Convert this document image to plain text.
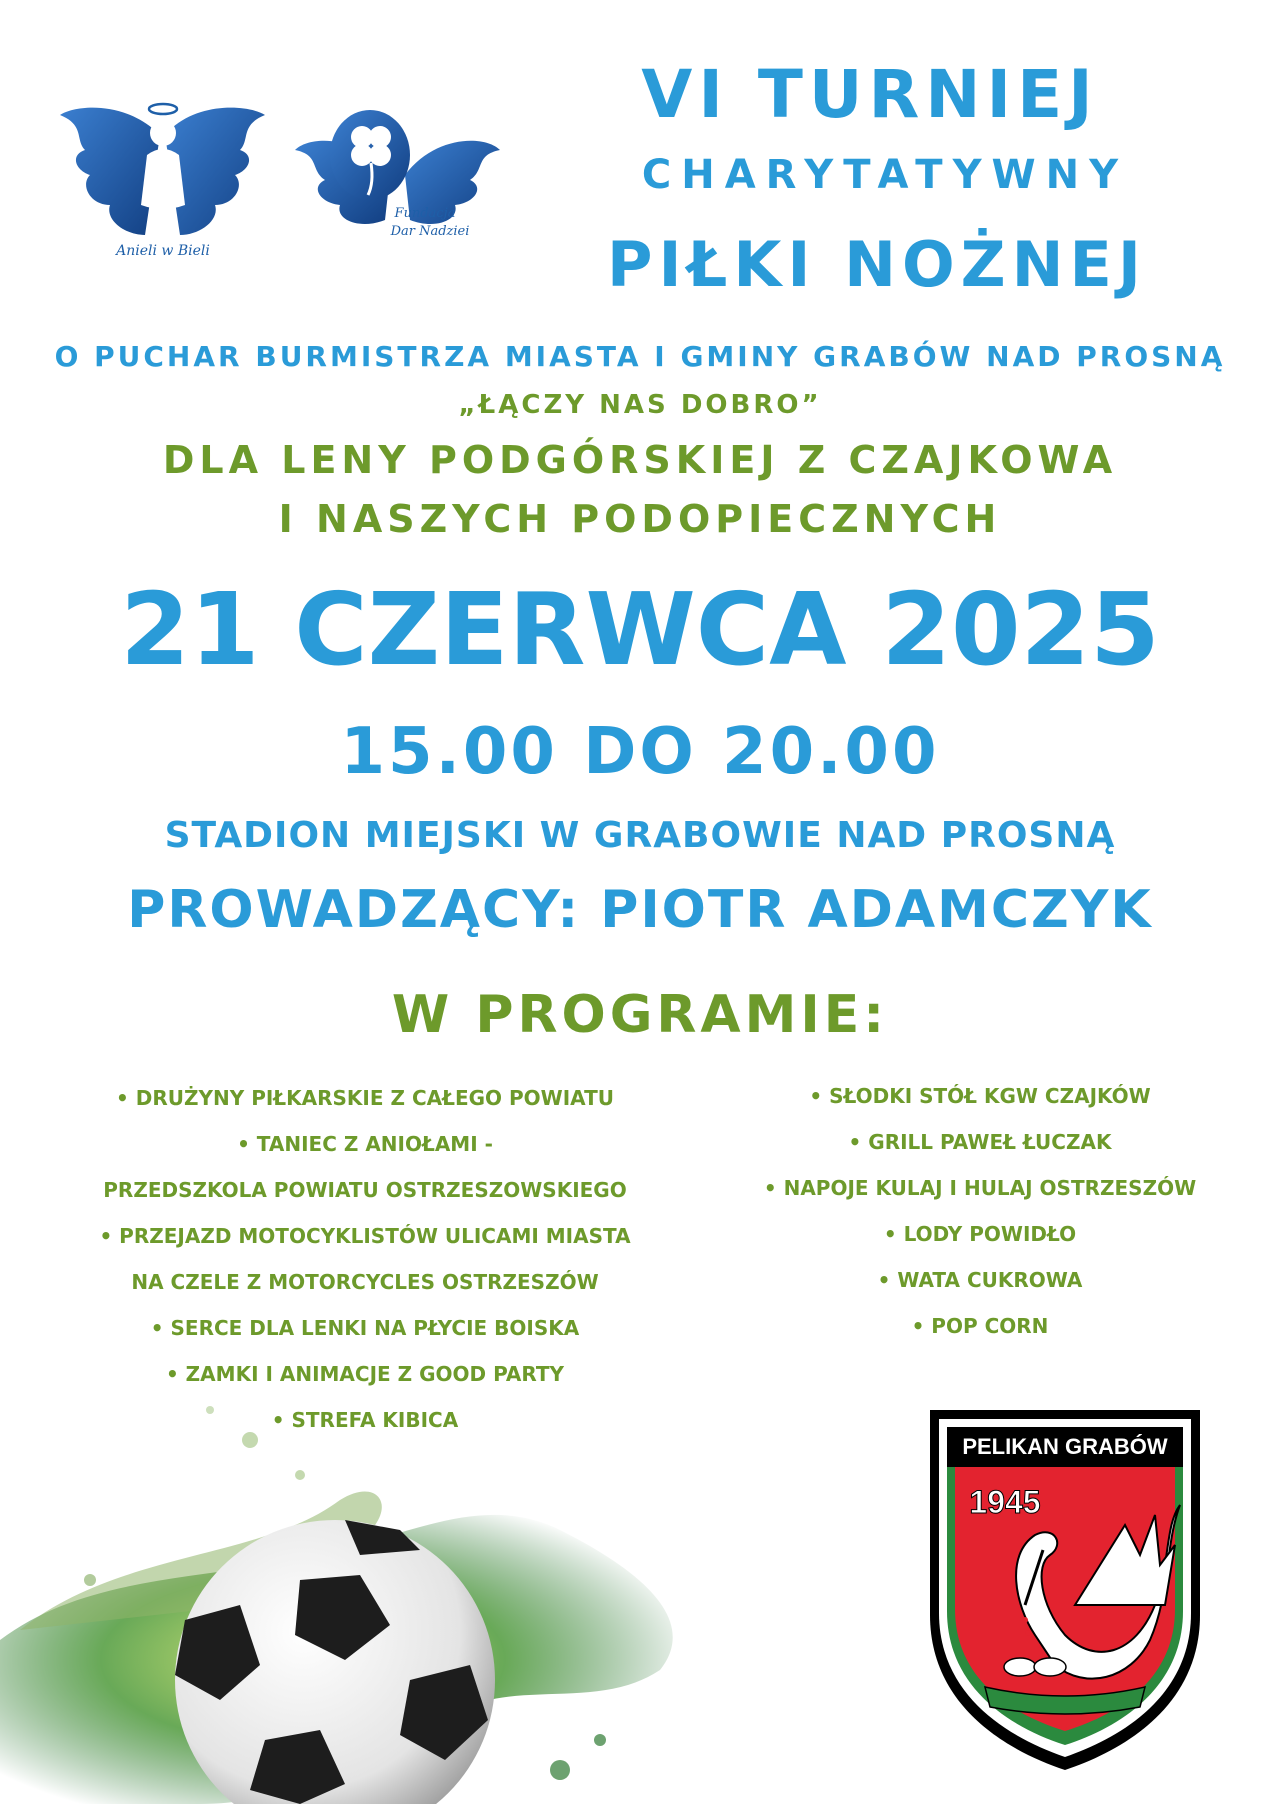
Anieli w Bieli
Fundacja
Dar Nadziei
VI TURNIEJ
CHARYTATYWNY
PIŁKI NOŻNEJ
O PUCHAR BURMISTRZA MIASTA I GMINY GRABÓW NAD PROSNĄ
„ŁĄCZY NAS DOBRO”
DLA LENY PODGÓRSKIEJ Z CZAJKOWA
I NASZYCH PODOPIECZNYCH
21 CZERWCA 2025
15.00 DO 20.00
STADION MIEJSKI W GRABOWIE NAD PROSNĄ
PROWADZĄCY: PIOTR ADAMCZYK
W PROGRAMIE:
• DRUŻYNY PIŁKARSKIE Z CAŁEGO POWIATU
• TANIEC Z ANIOŁAMI -
PRZEDSZKOLA POWIATU OSTRZESZOWSKIEGO
• PRZEJAZD MOTOCYKLISTÓW ULICAMI MIASTA
NA CZELE Z MOTORCYCLES OSTRZESZÓW
• SERCE DLA LENKI NA PŁYCIE BOISKA
• ZAMKI I ANIMACJE Z GOOD PARTY
• STREFA KIBICA
• SŁODKI STÓŁ KGW CZAJKÓW
• GRILL PAWEŁ ŁUCZAK
• NAPOJE KULAJ I HULAJ OSTRZESZÓW
• LODY POWIDŁO
• WATA CUKROWA
• POP CORN
PELIKAN GRABÓW
1945
